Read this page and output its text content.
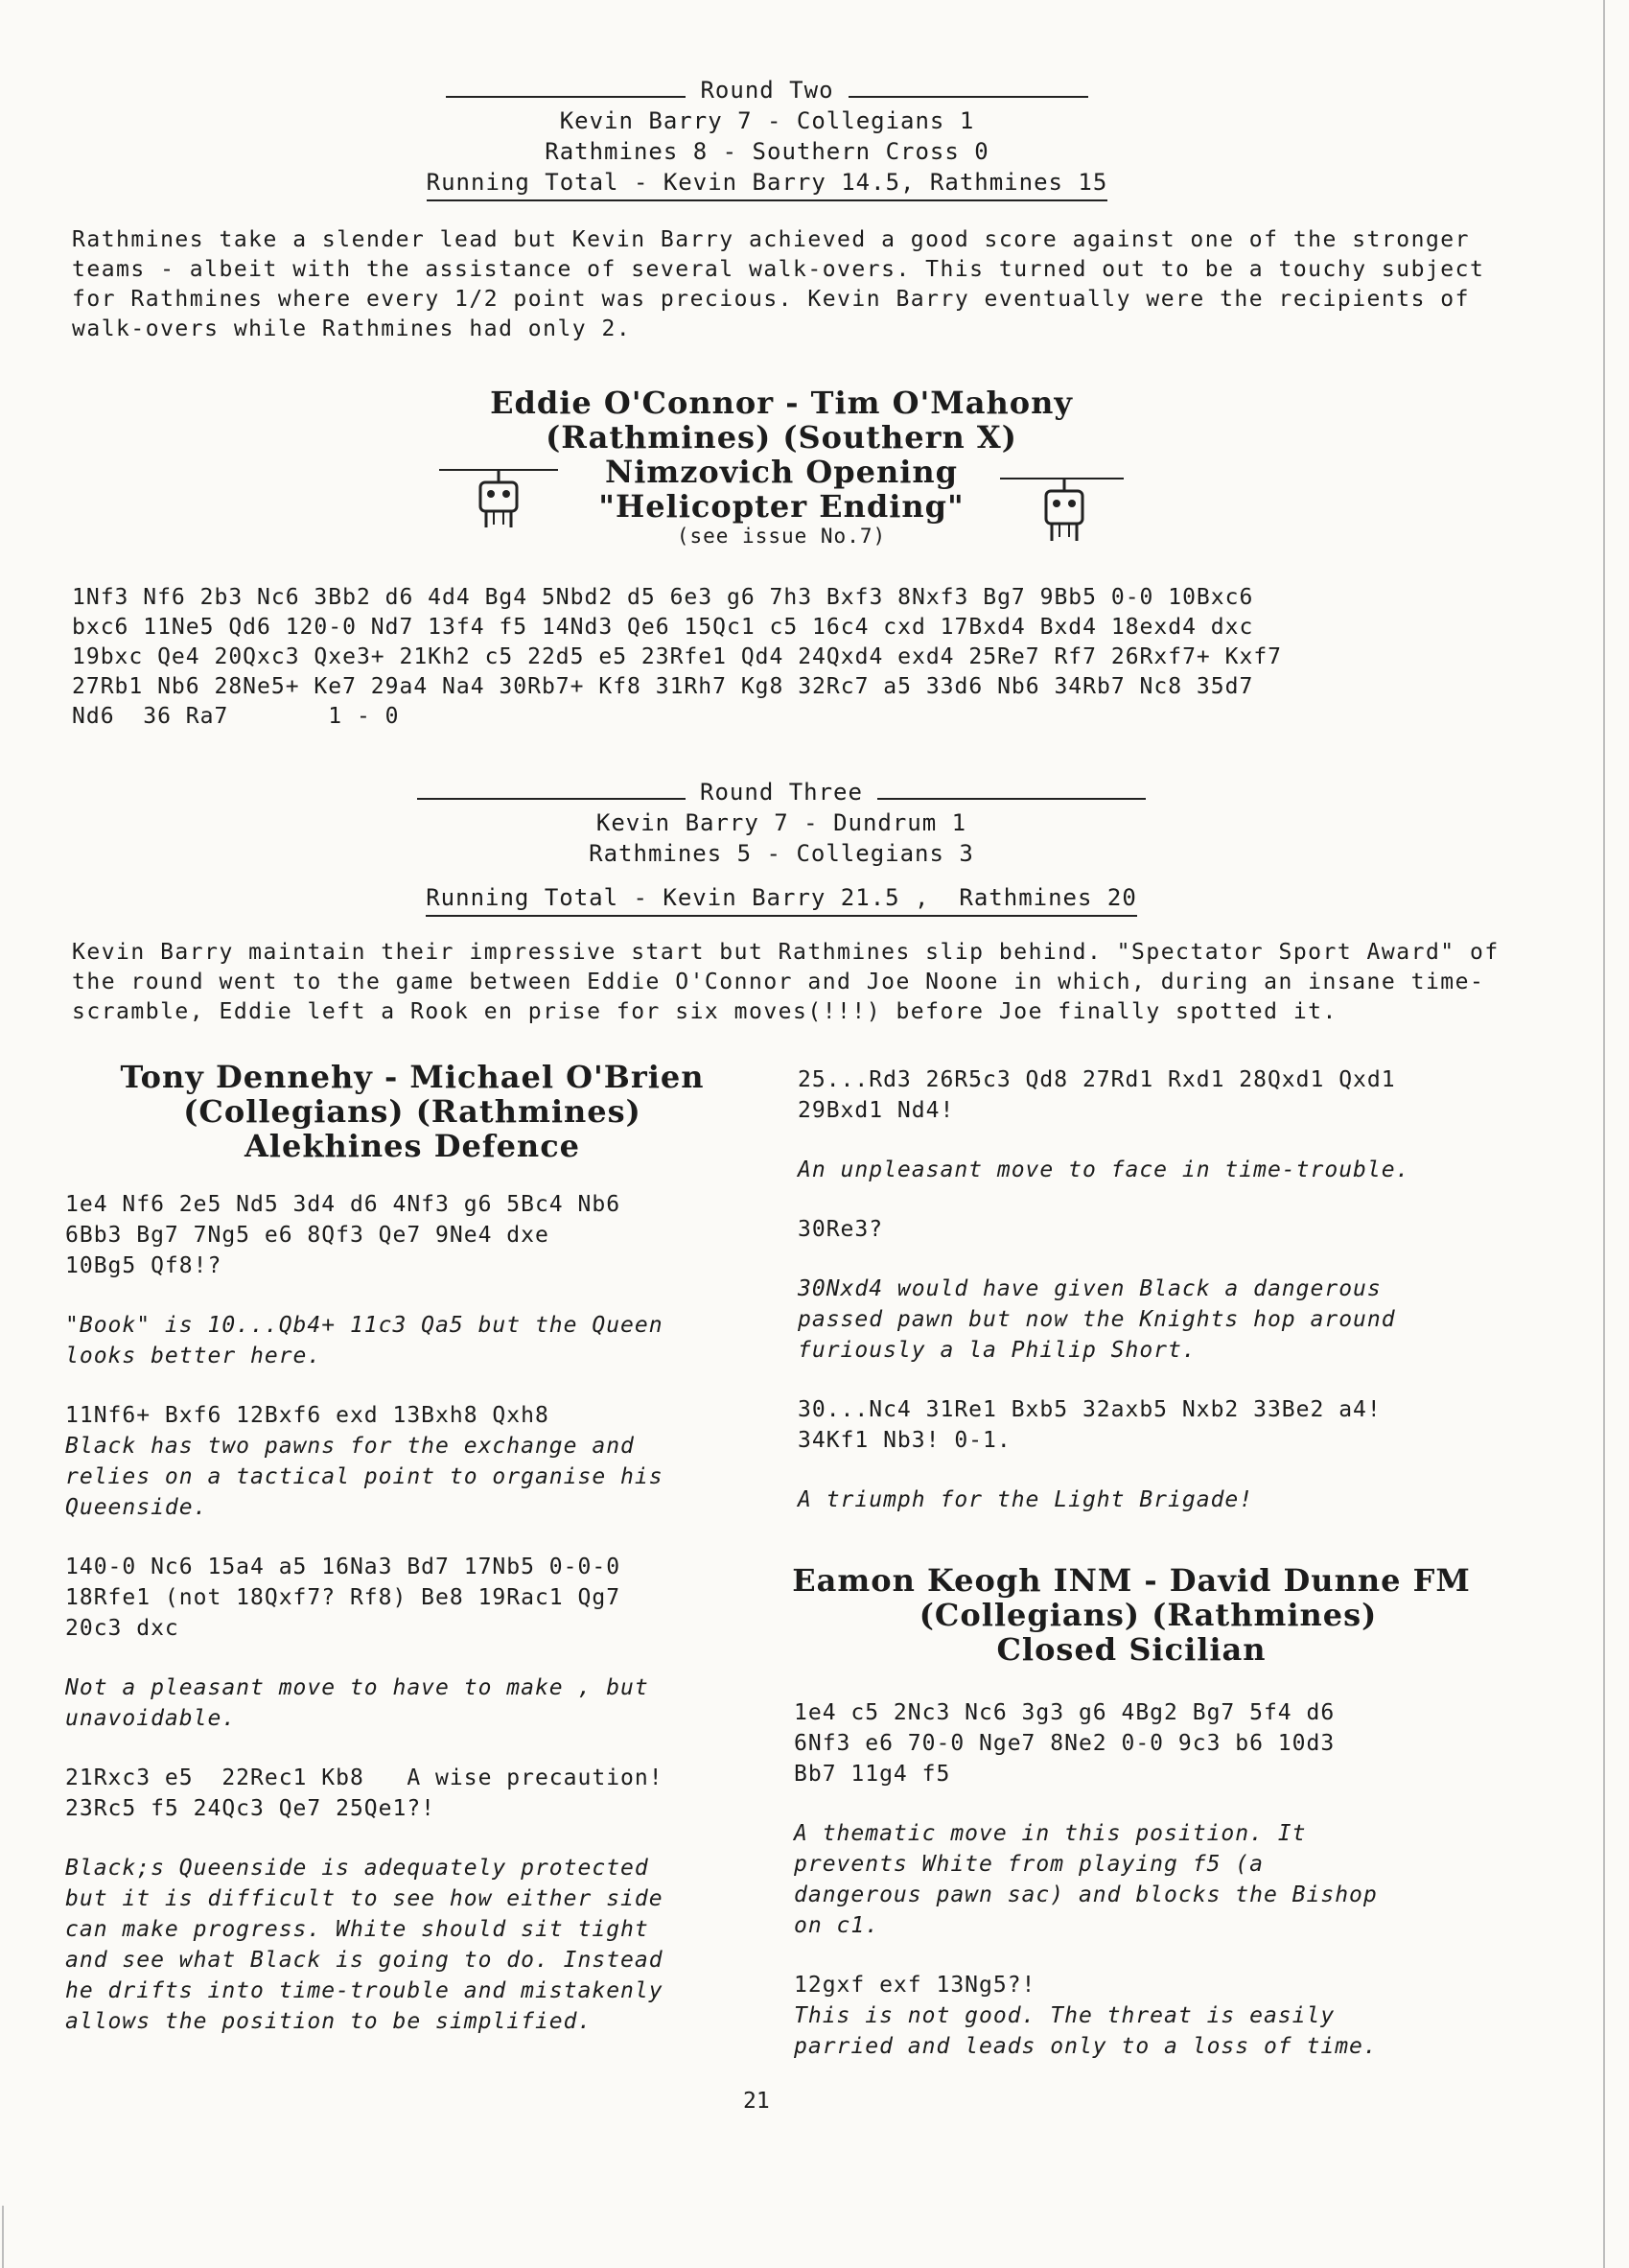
Round Two
Kevin Barry 7 - Collegians 1
Rathmines 8 - Southern Cross 0
Running Total - Kevin Barry 14.5, Rathmines 15
Rathmines take a slender lead but Kevin Barry achieved a good score against one of the stronger
teams - albeit with the assistance of several walk-overs. This turned out to be a touchy subject
for Rathmines where every 1/2 point was precious. Kevin Barry eventually were the recipients of
walk-overs while Rathmines had only 2.
Eddie O'Connor - Tim O'Mahony
(Rathmines) (Southern X)
Nimzovich Opening
"Helicopter Ending"
(see issue No.7)
1Nf3 Nf6 2b3 Nc6 3Bb2 d6 4d4 Bg4 5Nbd2 d5 6e3 g6 7h3 Bxf3 8Nxf3 Bg7 9Bb5 0-0 10Bxc6
bxc6 11Ne5 Qd6 120-0 Nd7 13f4 f5 14Nd3 Qe6 15Qc1 c5 16c4 cxd 17Bxd4 Bxd4 18exd4 dxc
19bxc Qe4 20Qxc3 Qxe3+ 21Kh2 c5 22d5 e5 23Rfe1 Qd4 24Qxd4 exd4 25Re7 Rf7 26Rxf7+ Kxf7
27Rb1 Nb6 28Ne5+ Ke7 29a4 Na4 30Rb7+ Kf8 31Rh7 Kg8 32Rc7 a5 33d6 Nb6 34Rb7 Nc8 35d7
Nd6  36 Ra7       1 - 0
Round Three
Kevin Barry 7 - Dundrum 1
Rathmines 5 - Collegians 3
Running Total - Kevin Barry 21.5 ,  Rathmines 20
Kevin Barry maintain their impressive start but Rathmines slip behind. "Spectator Sport Award" of
the round went to the game between Eddie O'Connor and Joe Noone in which, during an insane time-
scramble, Eddie left a Rook en prise for six moves(!!!) before Joe finally spotted it.
Tony Dennehy - Michael O'Brien
(Collegians) (Rathmines)
Alekhines Defence

1e4 Nf6 2e5 Nd5 3d4 d6 4Nf3 g6 5Bc4 Nb6
6Bb3 Bg7 7Ng5 e6 8Qf3 Qe7 9Ne4 dxe
10Bg5 Qf8!?

"Book" is 10...Qb4+ 11c3 Qa5 but the Queen
looks better here.

11Nf6+ Bxf6 12Bxf6 exd 13Bxh8 Qxh8
Black has two pawns for the exchange and
relies on a tactical point to organise his
Queenside.

140-0 Nc6 15a4 a5 16Na3 Bd7 17Nb5 0-0-0
18Rfe1 (not 18Qxf7? Rf8) Be8 19Rac1 Qg7
20c3 dxc

Not a pleasant move to have to make , but
unavoidable.

21Rxc3 e5  22Rec1 Kb8   A wise precaution!
23Rc5 f5 24Qc3 Qe7 25Qe1?!

Black;s Queenside is adequately protected
but it is difficult to see how either side
can make progress. White should sit tight
and see what Black is going to do. Instead
he drifts into time-trouble and mistakenly
allows the position to be simplified.

25...Rd3 26R5c3 Qd8 27Rd1 Rxd1 28Qxd1 Qxd1
29Bxd1 Nd4!

An unpleasant move to face in time-trouble.

30Re3?

30Nxd4 would have given Black a dangerous
passed pawn but now the Knights hop around
furiously a la Philip Short.

30...Nc4 31Re1 Bxb5 32axb5 Nxb2 33Be2 a4!
34Kf1 Nb3! 0-1.

A triumph for the Light Brigade!

Eamon Keogh INM - David Dunne FM
(Collegians) (Rathmines)
Closed Sicilian

1e4 c5 2Nc3 Nc6 3g3 g6 4Bg2 Bg7 5f4 d6
6Nf3 e6 70-0 Nge7 8Ne2 0-0 9c3 b6 10d3
Bb7 11g4 f5

A thematic move in this position. It
prevents White from playing f5 (a
dangerous pawn sac) and blocks the Bishop
on c1.

12gxf exf 13Ng5?!
This is not good. The threat is easily
parried and leads only to a loss of time.

21
